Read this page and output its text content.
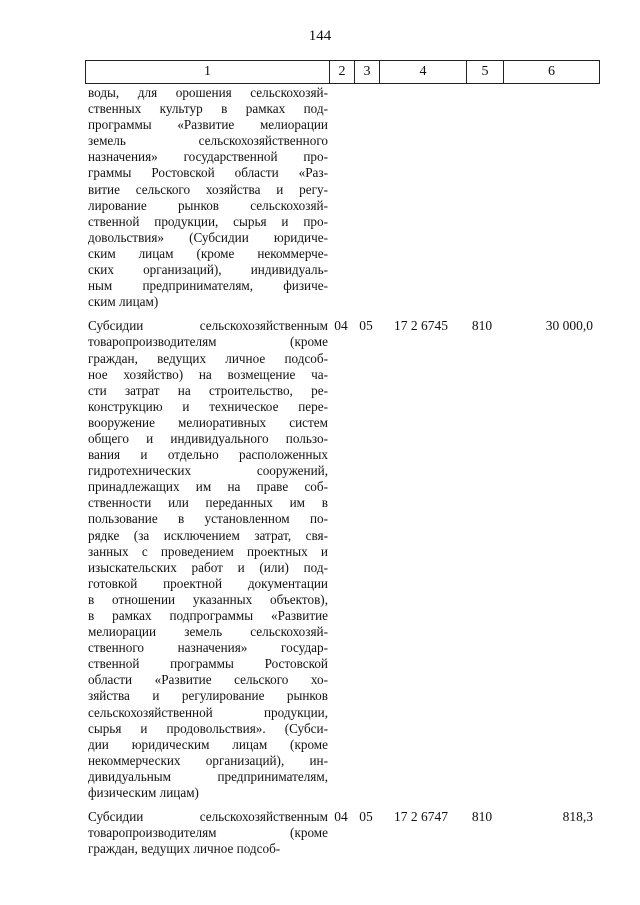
144
1	2	3	4	5	6
воды, для орошения сельскохозяй-
ственных культур в рамках под-
программы «Развитие мелиорации
земель сельскохозяйственного
назначения» государственной про-
граммы Ростовской области «Раз-
витие сельского хозяйства и регу-
лирование рынков сельскохозяй-
ственной продукции, сырья и про-
довольствия» (Субсидии юридиче-
ским лицам (кроме некоммерче-
ских организаций), индивидуаль-
ным предпринимателям, физиче-
ским лицам)
Субсидии сельскохозяйственным
товаропроизводителям (кроме
граждан, ведущих личное подсоб-
ное хозяйство) на возмещение ча-
сти затрат на строительство, ре-
конструкцию и техническое пере-
вооружение мелиоративных систем
общего и индивидуального пользо-
вания и отдельно расположенных
гидротехнических сооружений,
принадлежащих им на праве соб-
ственности или переданных им в
пользование в установленном по-
рядке (за исключением затрат, свя-
занных с проведением проектных и
изыскательских работ и (или) под-
готовкой проектной документации
в отношении указанных объектов),
в рамках подпрограммы «Развитие
мелиорации земель сельскохозяй-
ственного назначения» государ-
ственной программы Ростовской
области «Развитие сельского хо-
зяйства и регулирование рынков
сельскохозяйственной продукции,
сырья и продовольствия». (Субси-
дии юридическим лицам (кроме
некоммерческих организаций), ин-
дивидуальным предпринимателям,
физическим лицам)
04 05	17 2 6745	810	30 000,0
Субсидии сельскохозяйственным
товаропроизводителям (кроме
граждан, ведущих личное подсоб-
04 05	17 2 6747	810	818,3
